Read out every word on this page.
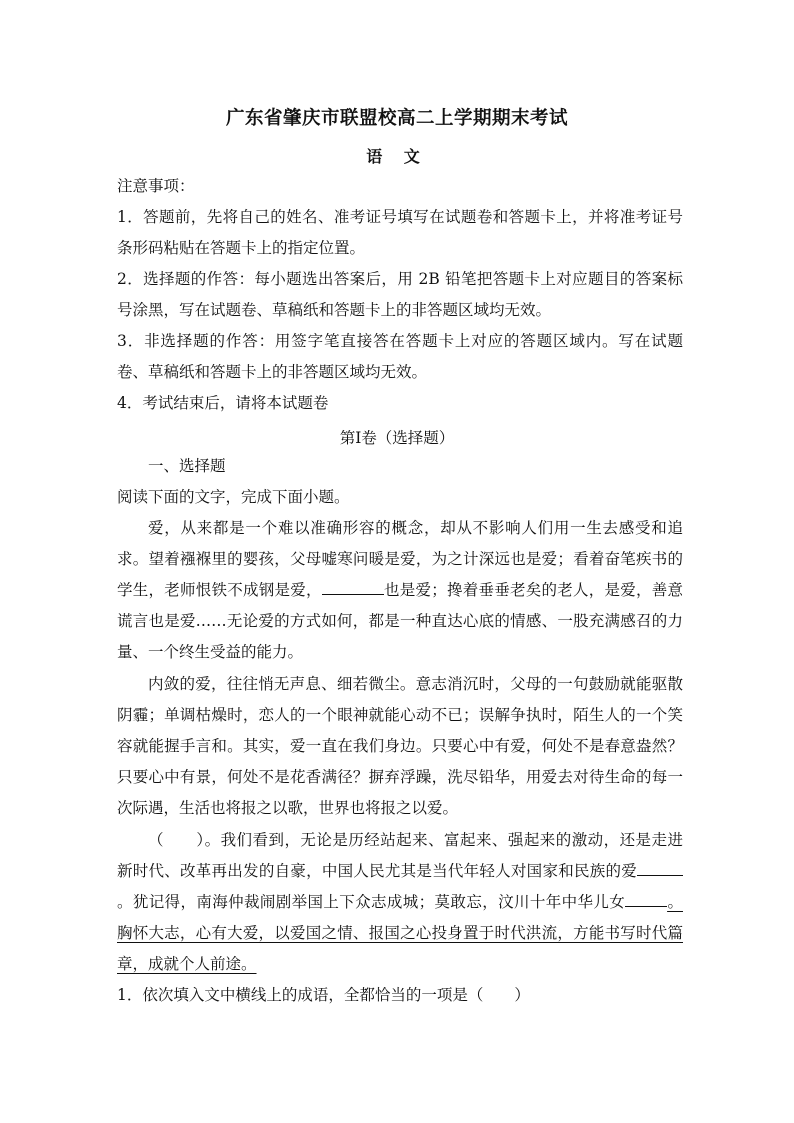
广东省肇庆市联盟校高二上学期期末考试
语 文
注意事项：
1．答题前，先将自己的姓名、准考证号填写在试题卷和答题卡上，并将准考证号条形码粘贴在答题卡上的指定位置。
2．选择题的作答：每小题选出答案后，用 2B 铅笔把答题卡上对应题目的答案标号涂黑，写在试题卷、草稿纸和答题卡上的非答题区域均无效。
3．非选择题的作答：用签字笔直接答在答题卡上对应的答题区域内。写在试题卷、草稿纸和答题卡上的非答题区域均无效。
4．考试结束后，请将本试题卷
第Ⅰ卷（选择题）
一、选择题
阅读下面的文字，完成下面小题。
爱，从来都是一个难以准确形容的概念，却从不影响人们用一生去感受和追求。望着襁褓里的婴孩，父母嘘寒问暖是爱，为之计深远也是爱；看着奋笔疾书的学生，老师恨铁不成钢是爱，	也是爱；搀着垂垂老矣的老人，是爱，善意谎言也是爱……无论爱的方式如何，都是一种直达心底的情感、一股充满感召的力量、一个终生受益的能力。
内敛的爱，往往悄无声息、细若微尘。意志消沉时，父母的一句鼓励就能驱散阴霾；单调枯燥时，恋人的一个眼神就能心动不已；误解争执时，陌生人的一个笑容就能握手言和。其实，爱一直在我们身边。只要心中有爱，何处不是春意盎然？只要心中有景，何处不是花香满径？摒弃浮躁，洗尽铅华，用爱去对待生命的每一次际遇，生活也将报之以歌，世界也将报之以爱。
（ ）。我们看到，无论是历经站起来、富起来、强起来的激动，还是走进新时代、改革再出发的自豪，中国人民尤其是当代年轻人对国家和民族的爱。犹记得，南海仲裁闹剧举国上下众志成城；莫敢忘，汶川十年中华儿女	。胸怀大志，心有大爱，以爱国之情、报国之心投身置于时代洪流，方能书写时代篇章，成就个人前途。
1．依次填入文中横线上的成语，全都恰当的一项是（　　）
